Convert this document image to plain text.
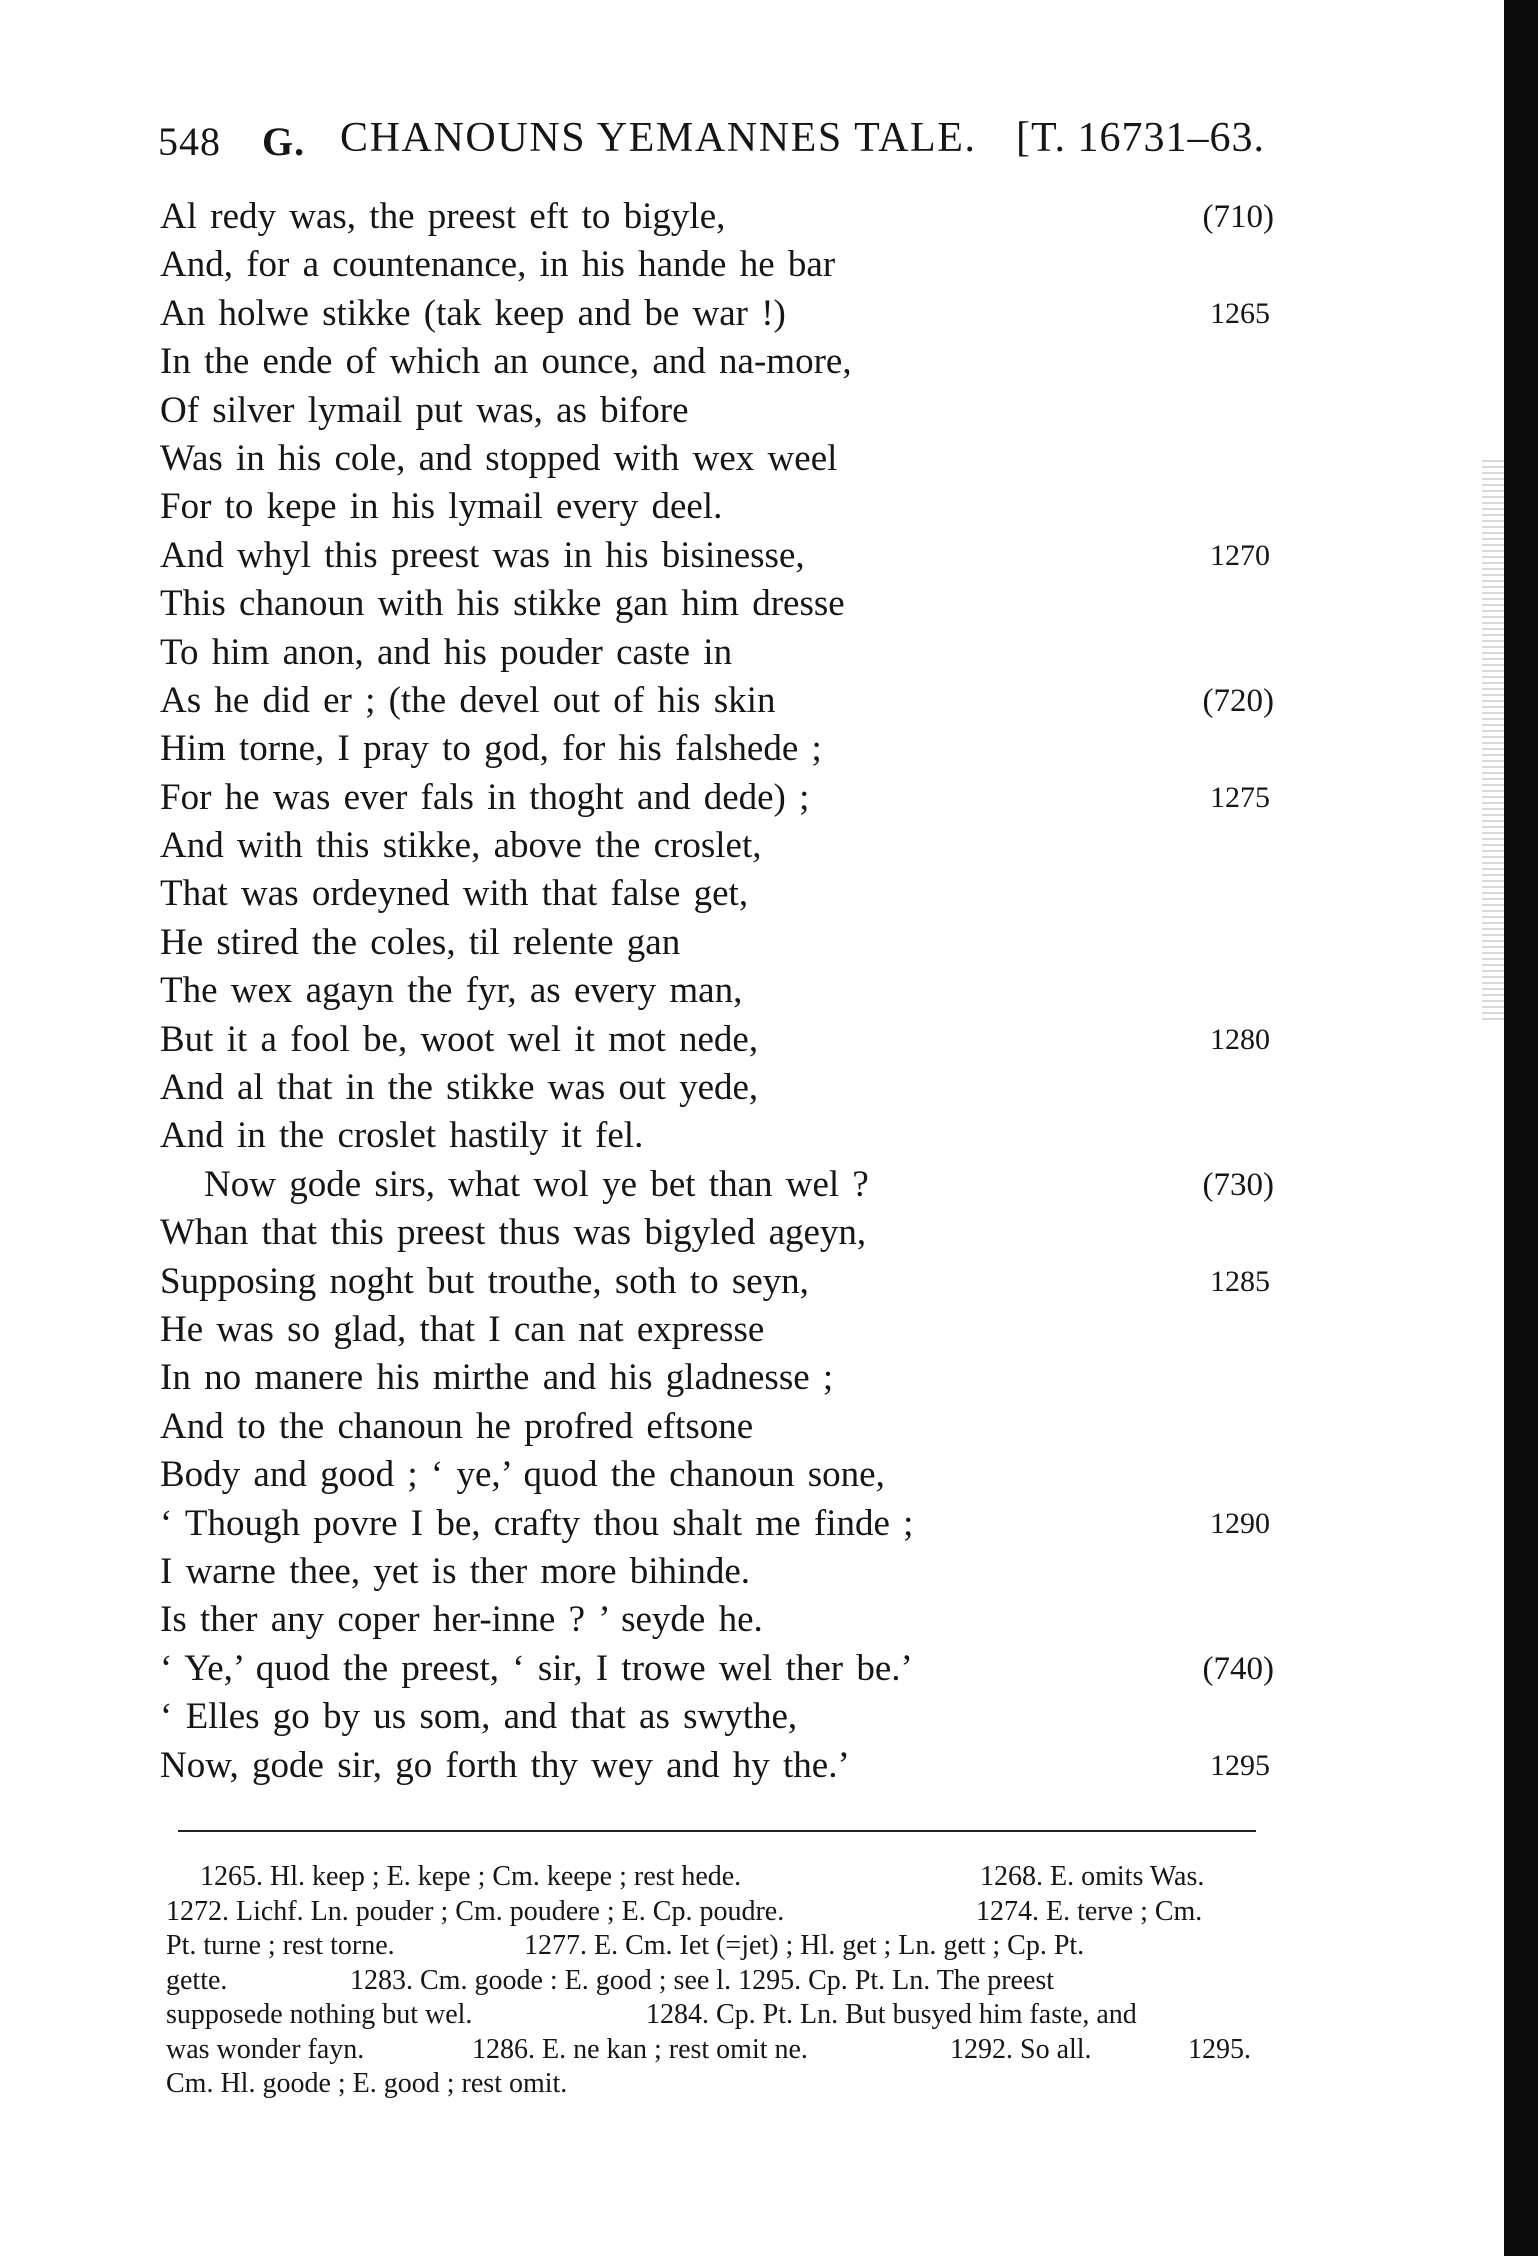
548 G. CHANOUNS YEMANNES TALE. [T. 16731–63.
Al redy was, the preest eft to bigyle,	(710)
And, for a countenance, in his hande he bar
An holwe stikke (tak keep and be war !)	1265
In the ende of which an ounce, and na-more,
Of silver lymail put was, as bifore
Was in his cole, and stopped with wex weel
For to kepe in his lymail every deel.
And whyl this preest was in his bisinesse,	1270
This chanoun with his stikke gan him dresse
To him anon, and his pouder caste in
As he did er ; (the devel out of his skin	(720)
Him torne, I pray to god, for his falshede ;
For he was ever fals in thoght and dede) ;	1275
And with this stikke, above the croslet,
That was ordeyned with that false get,
He stired the coles, til relente gan
The wex agayn the fyr, as every man,
But it a fool be, woot wel it mot nede,	1280
And al that in the stikke was out yede,
And in the croslet hastily it fel.
Now gode sirs, what wol ye bet than wel ?	(730)
Whan that this preest thus was bigyled ageyn,
Supposing noght but trouthe, soth to seyn,	1285
He was so glad, that I can nat expresse
In no manere his mirthe and his gladnesse ;
And to the chanoun he profred eftsone
Body and good ; ‘ ye,’ quod the chanoun sone,
‘ Though povre I be, crafty thou shalt me finde ;	1290
I warne thee, yet is ther more bihinde.
Is ther any coper her-inne ? ’ seyde he.
‘ Ye,’ quod the preest, ‘ sir, I trowe wel ther be.’	(740)
‘ Elles go by us som, and that as swythe,
Now, gode sir, go forth thy wey and hy the.’	1295
1265. Hl. keep ; E. kepe ; Cm. keepe ; rest hede.	1268. E. omits Was.
1272. Lichf. Ln. pouder ; Cm. poudere ; E. Cp. poudre.	1274. E. terve ; Cm.
Pt. turne ; rest torne.	1277. E. Cm. Iet (=jet) ; Hl. get ; Ln. gett ; Cp. Pt.
gette.	1283. Cm. goode : E. good ; see l. 1295. Cp. Pt. Ln. The preest
supposede nothing but wel.	1284. Cp. Pt. Ln. But busyed him faste, and
was wonder fayn.	1286. E. ne kan ; rest omit ne.	1292. So all.	1295.
Cm. Hl. goode ; E. good ; rest omit.
